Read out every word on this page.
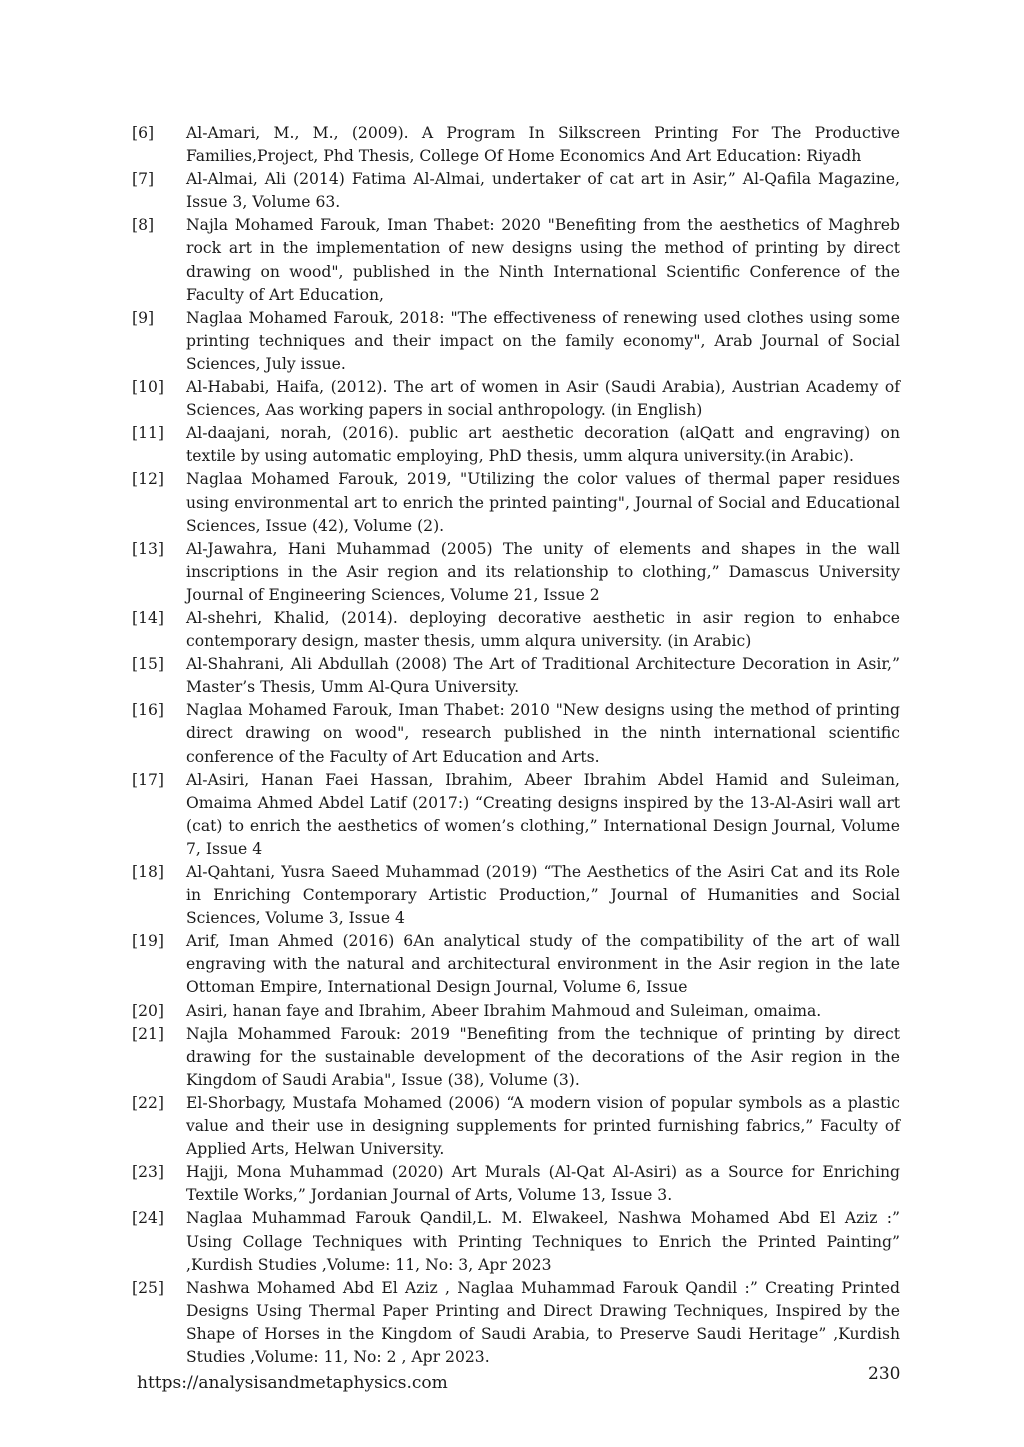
[6]	Al-Amari, M., M., (2009). A Program In Silkscreen Printing For The Productive Families,Project, Phd Thesis, College Of Home Economics And Art Education: Riyadh
[7]	Al-Almai, Ali (2014) Fatima Al-Almai, undertaker of cat art in Asir,” Al-Qafila Magazine, Issue 3, Volume 63.
[8]	Najla Mohamed Farouk, Iman Thabet: 2020 "Benefiting from the aesthetics of Maghreb rock art in the implementation of new designs using the method of printing by direct drawing on wood", published in the Ninth International Scientific Conference of the Faculty of Art Education,
[9]	Naglaa Mohamed Farouk, 2018: "The effectiveness of renewing used clothes using some printing techniques and their impact on the family economy", Arab Journal of Social Sciences, July issue.
[10]	Al-Hababi, Haifa, (2012). The art of women in Asir (Saudi Arabia), Austrian Academy of Sciences, Aas working papers in social anthropology. (in English)
[11]	Al-daajani, norah, (2016). public art aesthetic decoration (alQatt and engraving) on textile by using automatic employing, PhD thesis, umm alqura university.(in Arabic).
[12]	Naglaa Mohamed Farouk, 2019, "Utilizing the color values of thermal paper residues using environmental art to enrich the printed painting", Journal of Social and Educational Sciences, Issue (42), Volume (2).
[13]	Al-Jawahra, Hani Muhammad (2005) The unity of elements and shapes in the wall inscriptions in the Asir region and its relationship to clothing,” Damascus University Journal of Engineering Sciences, Volume 21, Issue 2
[14]	Al-shehri, Khalid, (2014). deploying decorative aesthetic in asir region to enhabce contemporary design, master thesis, umm alqura university. (in Arabic)
[15]	Al-Shahrani, Ali Abdullah (2008) The Art of Traditional Architecture Decoration in Asir,” Master’s Thesis, Umm Al-Qura University.
[16]	Naglaa Mohamed Farouk, Iman Thabet: 2010 "New designs using the method of printing direct drawing on wood", research published in the ninth international scientific conference of the Faculty of Art Education and Arts.
[17]	Al-Asiri, Hanan Faei Hassan, Ibrahim, Abeer Ibrahim Abdel Hamid and Suleiman, Omaima Ahmed Abdel Latif (2017:) “Creating designs inspired by the 13-Al-Asiri wall art (cat) to enrich the aesthetics of women’s clothing,” International Design Journal, Volume 7, Issue 4
[18]	Al-Qahtani, Yusra Saeed Muhammad (2019) “The Aesthetics of the Asiri Cat and its Role in Enriching Contemporary Artistic Production,” Journal of Humanities and Social Sciences, Volume 3, Issue 4
[19]	Arif, Iman Ahmed (2016) 6An analytical study of the compatibility of the art of wall engraving with the natural and architectural environment in the Asir region in the late Ottoman Empire, International Design Journal, Volume 6, Issue
[20]	Asiri, hanan faye and Ibrahim, Abeer Ibrahim Mahmoud and Suleiman, omaima.
[21]	Najla Mohammed Farouk: 2019 "Benefiting from the technique of printing by direct drawing for the sustainable development of the decorations of the Asir region in the Kingdom of Saudi Arabia", Issue (38), Volume (3).
[22]	El-Shorbagy, Mustafa Mohamed (2006) “A modern vision of popular symbols as a plastic value and their use in designing supplements for printed furnishing fabrics,” Faculty of Applied Arts, Helwan University.
[23]	Hajji, Mona Muhammad (2020) Art Murals (Al-Qat Al-Asiri) as a Source for Enriching Textile Works,” Jordanian Journal of Arts, Volume 13, Issue 3.
[24]	Naglaa Muhammad Farouk Qandil,L. M. Elwakeel, Nashwa Mohamed Abd El Aziz :” Using Collage Techniques with Printing Techniques to Enrich the Printed Painting” ,Kurdish Studies ,Volume: 11, No: 3, Apr 2023
[25]	Nashwa Mohamed Abd El Aziz , Naglaa Muhammad Farouk Qandil :” Creating Printed Designs Using Thermal Paper Printing and Direct Drawing Techniques, Inspired by the Shape of Horses in the Kingdom of Saudi Arabia, to Preserve Saudi Heritage” ,Kurdish Studies ,Volume: 11, No: 2 , Apr 2023.
https://analysisandmetaphysics.com	230
